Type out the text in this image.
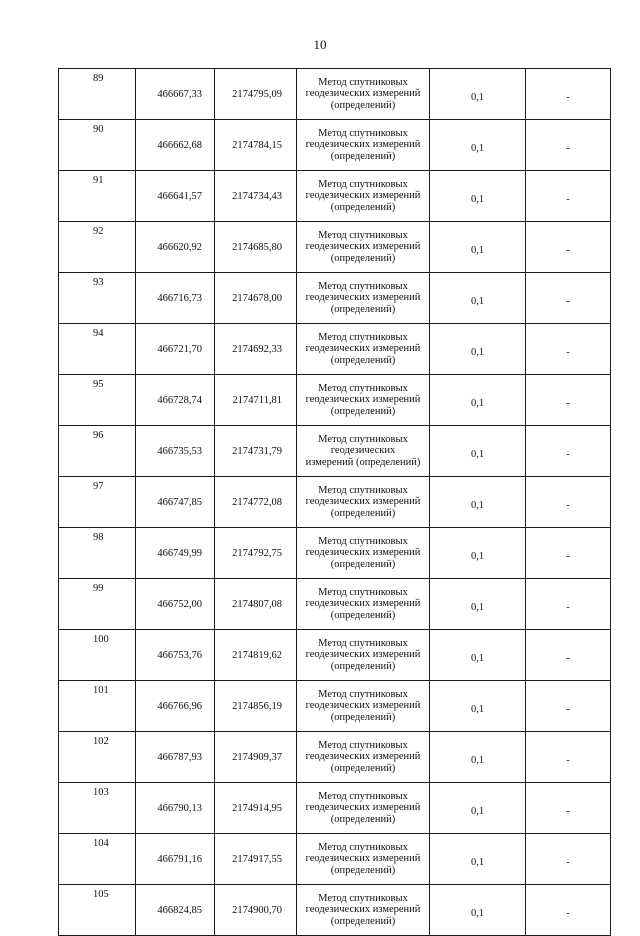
10
89	466667,33	2174795,09	Метод спутниковых
геодезических измерений
(определений)	0,1	-
90	466662,68	2174784,15	Метод спутниковых
геодезических измерений
(определений)	0,1	-
91	466641,57	2174734,43	Метод спутниковых
геодезических измерений
(определений)	0,1	-
92	466620,92	2174685,80	Метод спутниковых
геодезических измерений
(определений)	0,1	-
93	466716,73	2174678,00	Метод спутниковых
геодезических измерений
(определений)	0,1	-
94	466721,70	2174692,33	Метод спутниковых
геодезических измерений
(определений)	0,1	-
95	466728,74	2174711,81	Метод спутниковых
геодезических измерений
(определений)	0,1	-
96	466735,53	2174731,79	Метод спутниковых
геодезических
измерений (определений)	0,1	-
97	466747,85	2174772,08	Метод спутниковых
геодезических измерений
(определений)	0,1	-
98	466749,99	2174792,75	Метод спутниковых
геодезических измерений
(определений)	0,1	-
99	466752,00	2174807,08	Метод спутниковых
геодезических измерений
(определений)	0,1	-
100	466753,76	2174819,62	Метод спутниковых
геодезических измерений
(определений)	0,1	-
101	466766,96	2174856,19	Метод спутниковых
геодезических измерений
(определений)	0,1	-
102	466787,93	2174909,37	Метод спутниковых
геодезических измерений
(определений)	0,1	-
103	466790,13	2174914,95	Метод спутниковых
геодезических измерений
(определений)	0,1	-
104	466791,16	2174917,55	Метод спутниковых
геодезических измерений
(определений)	0,1	-
105	466824,85	2174900,70	Метод спутниковых
геодезических измерений
(определений)	0,1	-
